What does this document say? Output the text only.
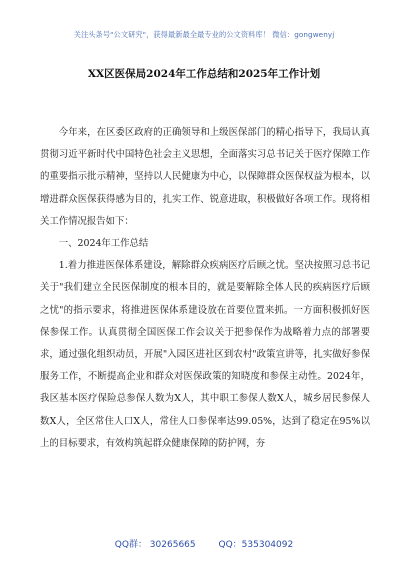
关注头条号"公文研究"，获得最新最全最专业的公文资料库！ 微信：gongwenyj
XX区医保局2024年工作总结和2025年工作计划

今年来，在区委区政府的正确领导和上级医保部门的精心指导下，我局认真贯彻习近平新时代中国特色社会主义思想，全面落实习总书记关于医疗保障工作的重要指示批示精神，坚持以人民健康为中心，以保障群众医保权益为根本，以增进群众医保获得感为目的，扎实工作、锐意进取，积极做好各项工作。现将相关工作情况报告如下：

一、2024年工作总结

1.着力推进医保体系建设，解除群众疾病医疗后顾之忧。坚决按照习总书记关于"我们建立全民医保制度的根本目的，就是要解除全体人民的疾病医疗后顾之忧"的指示要求，将推进医保体系建设放在首要位置来抓。一方面积极抓好医保参保工作。认真贯彻全国医保工作会议关于把参保作为战略着力点的部署要求，通过强化组织动员，开展"入园区进社区到农村"政策宣讲等，扎实做好参保服务工作，不断提高企业和群众对医保政策的知晓度和参保主动性。2024年，我区基本医疗保险总参保人数为X人，其中职工参保人数X人，城乡居民参保人数X人，全区常住人口X人，常住人口参保率达99.05%，达到了稳定在95%以上的目标要求，有效构筑起群众健康保障的防护网，夯

QQ群： 30265665	QQ：535304092
